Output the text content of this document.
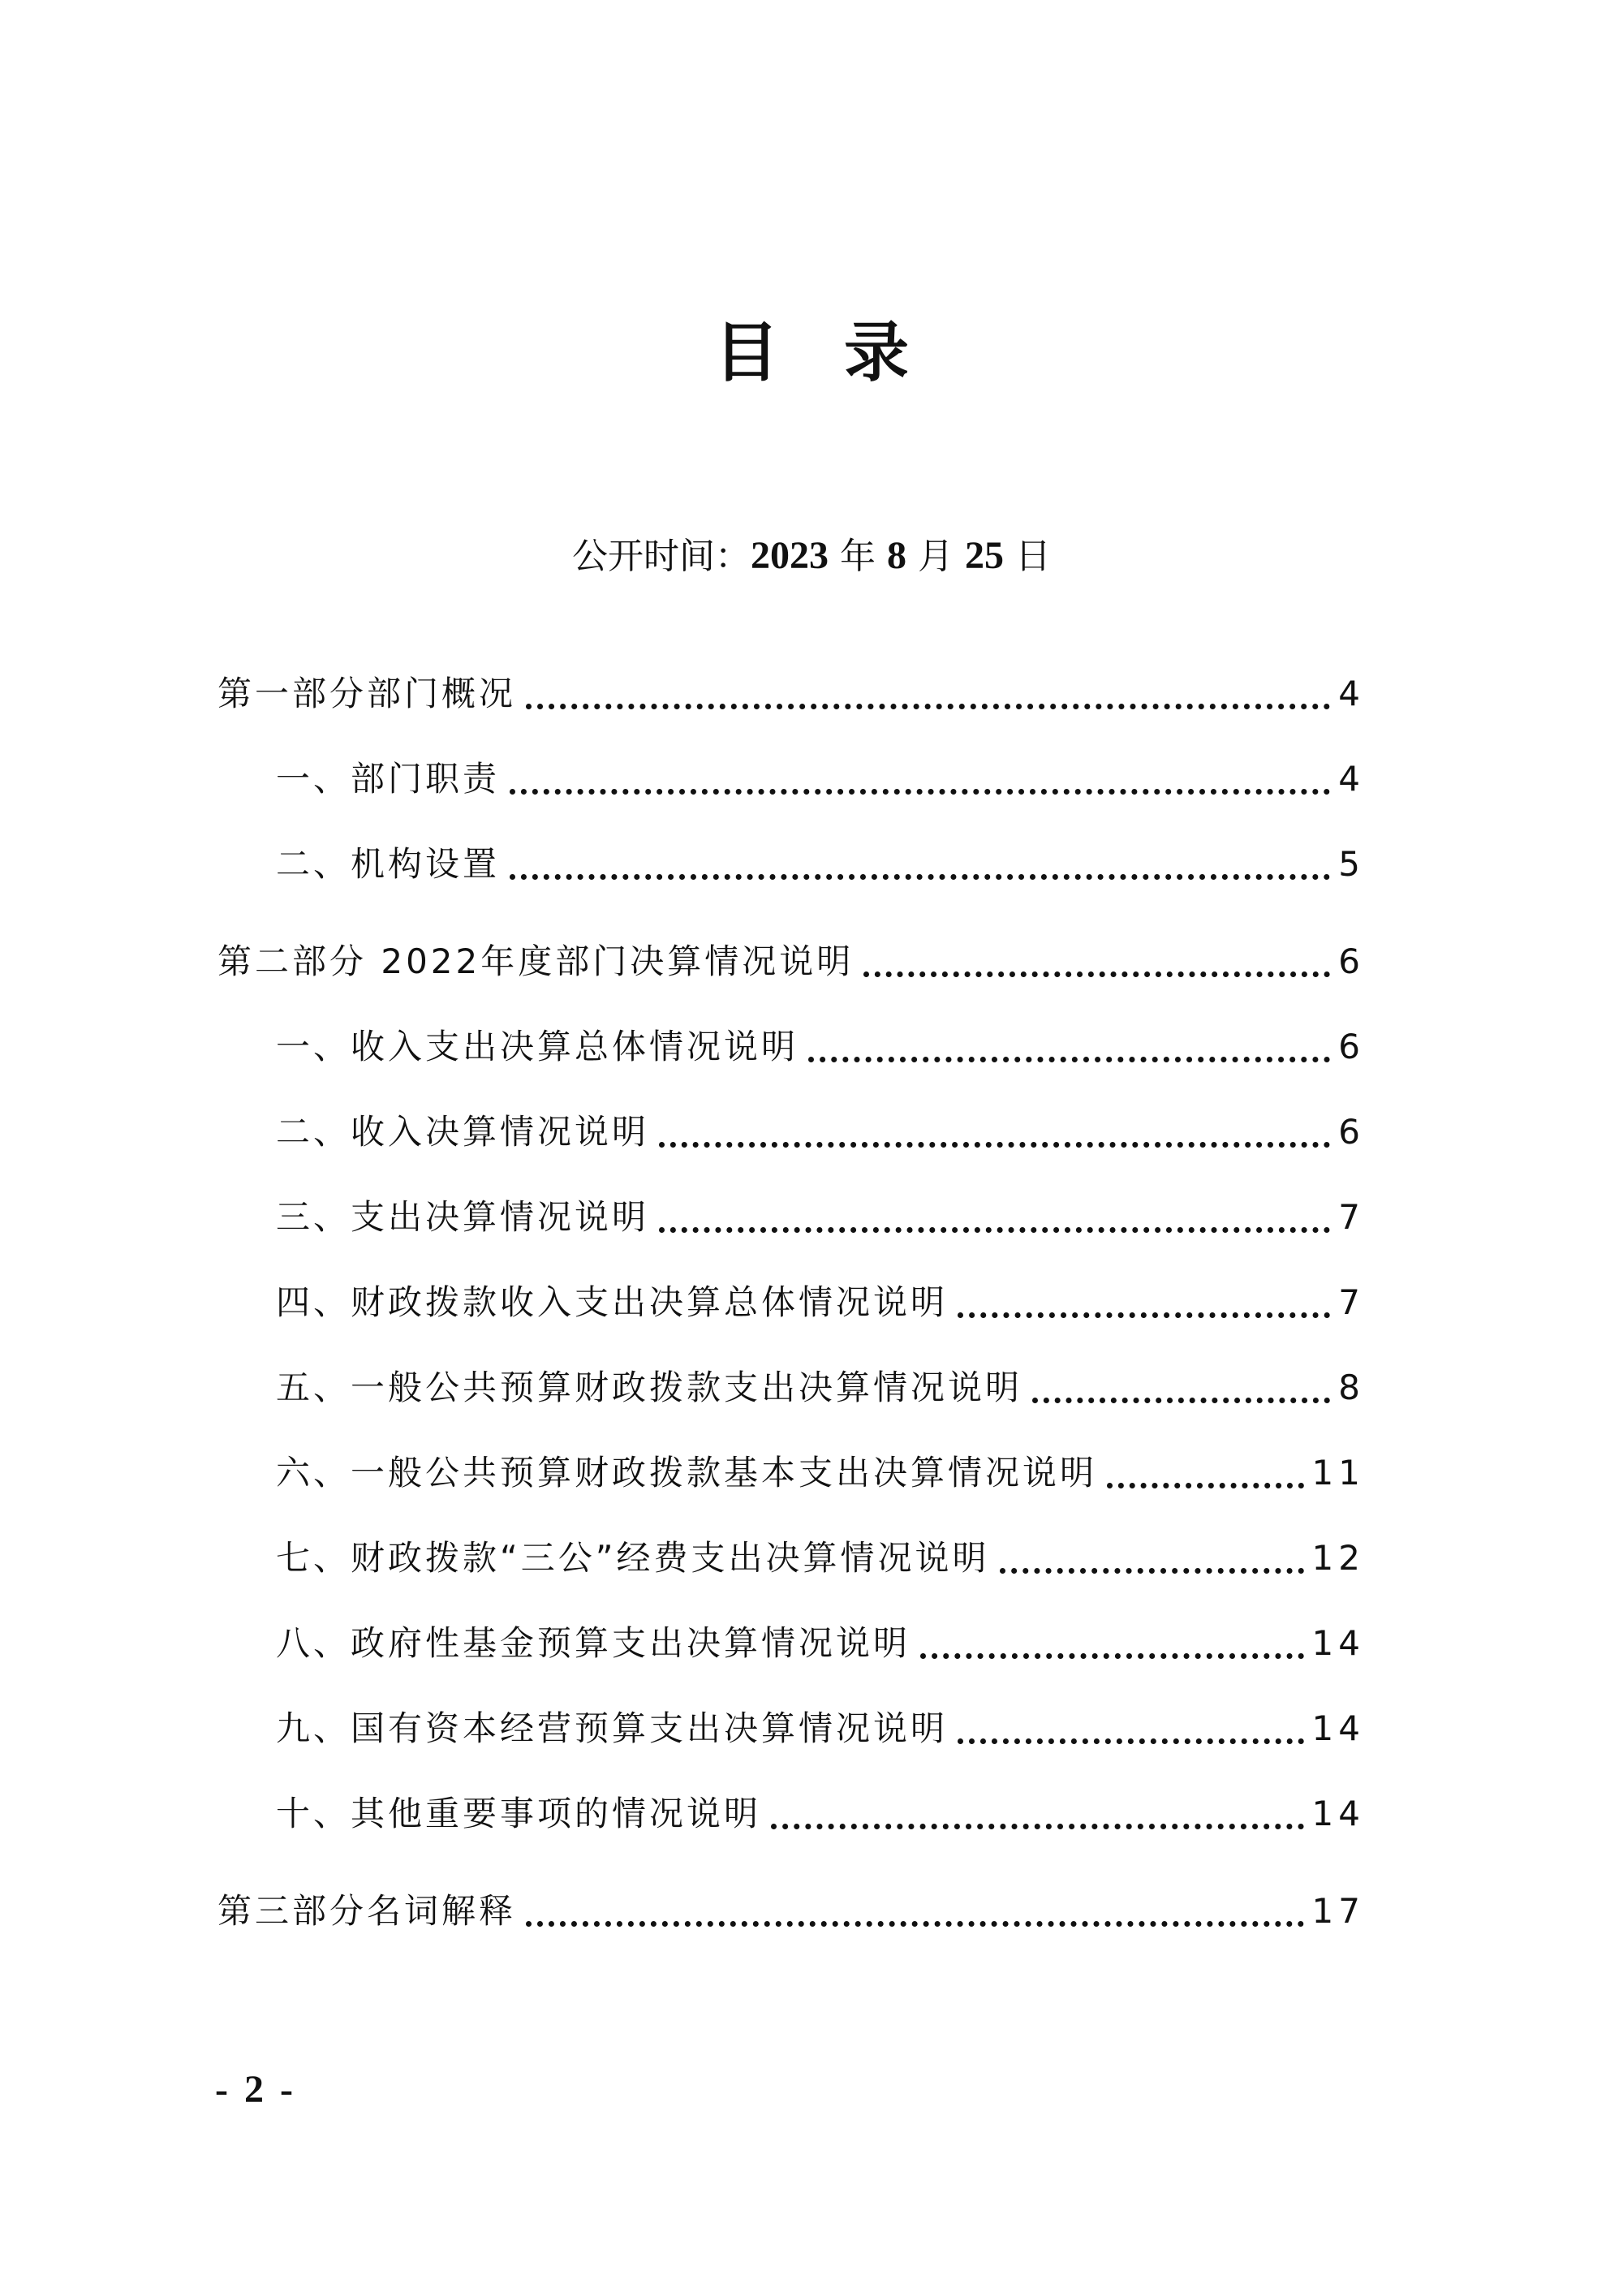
目录
公开时间：2023 年 8 月 25 日
第一部分部门概况	4
一、部门职责	4
二、机构设置	5
第二部分 2022年度部门决算情况说明	6
一、收入支出决算总体情况说明	6
二、收入决算情况说明	6
三、支出决算情况说明	7
四、财政拨款收入支出决算总体情况说明	7
五、一般公共预算财政拨款支出决算情况说明	8
六、一般公共预算财政拨款基本支出决算情况说明	11
七、财政拨款“三公”经费支出决算情况说明	12
八、政府性基金预算支出决算情况说明	14
九、国有资本经营预算支出决算情况说明	14
十、其他重要事项的情况说明	14
第三部分名词解释	17
- 2 -
